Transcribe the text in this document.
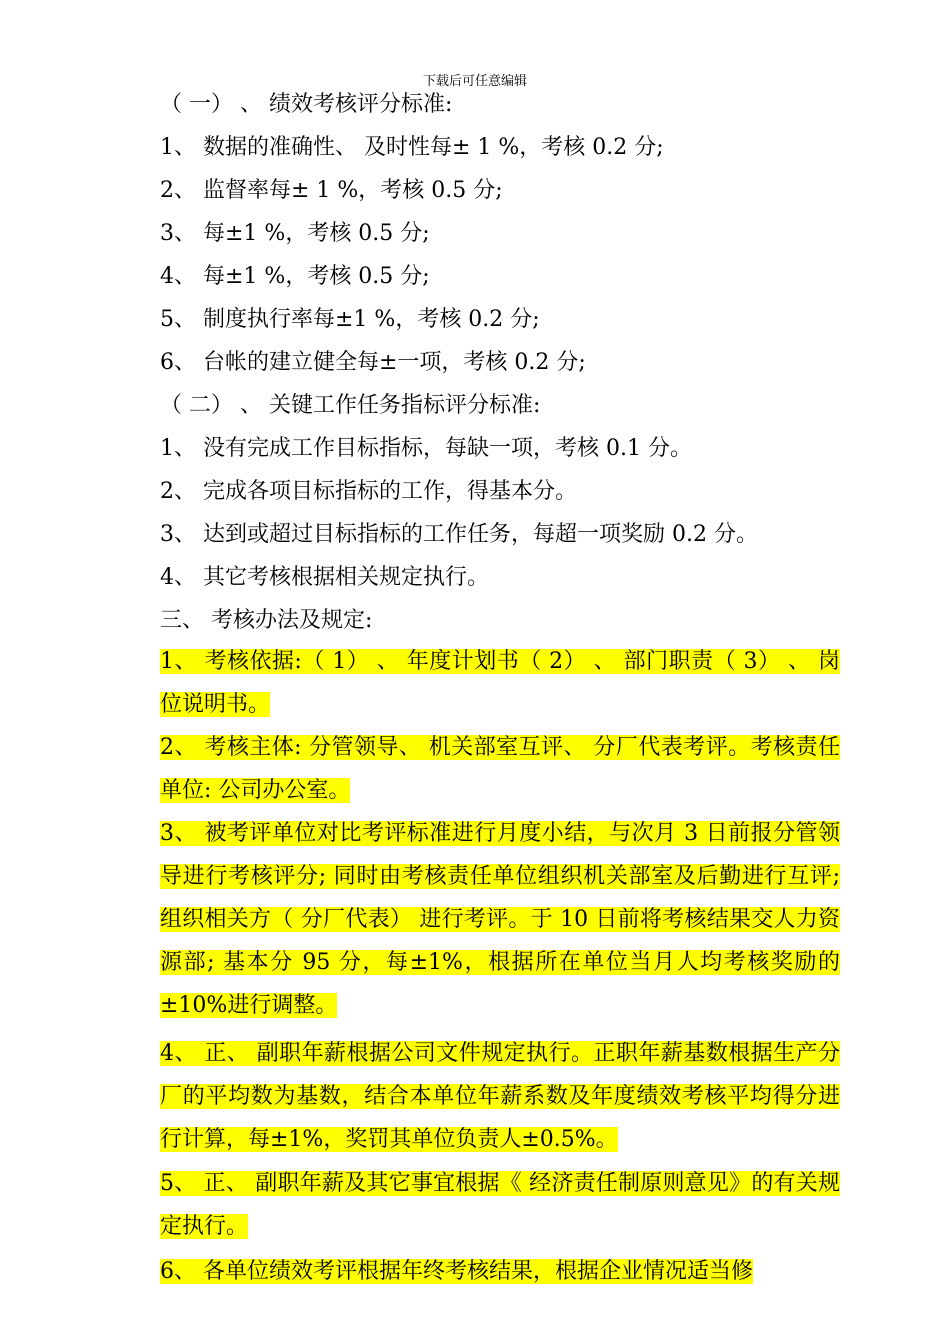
下载后可任意编辑
（ 一） 、 绩效考核评分标准:
1、 数据的准确性、 及时性每± 1 %，考核 0.2 分;
2、 监督率每± 1 %，考核 0.5 分;
3、 每±1 %，考核 0.5 分;
4、 每±1 %，考核 0.5 分;
5、 制度执行率每±1 %，考核 0.2 分;
6、 台帐的建立健全每±一项，考核 0.2 分;
（ 二） 、 关键工作任务指标评分标准:
1、 没有完成工作目标指标，每缺一项，考核 0.1 分。
2、 完成各项目标指标的工作，得基本分。
3、 达到或超过目标指标的工作任务，每超一项奖励 0.2 分。
4、 其它考核根据相关规定执行。
三、 考核办法及规定:
1、 考核依据:（ 1） 、 年度计划书（ 2） 、 部门职责（ 3） 、 岗位说明书。
2、 考核主体: 分管领导、 机关部室互评、 分厂代表考评。考核责任单位: 公司办公室。
3、 被考评单位对比考评标准进行月度小结，与次月 3 日前报分管领导进行考核评分; 同时由考核责任单位组织机关部室及后勤进行互评; 组织相关方（ 分厂代表） 进行考评。于 10 日前将考核结果交人力资源部; 基本分 95 分，每±1%，根据所在单位当月人均考核奖励的±10%进行调整。
4、 正、 副职年薪根据公司文件规定执行。正职年薪基数根据生产分厂的平均数为基数，结合本单位年薪系数及年度绩效考核平均得分进行计算，每±1%，奖罚其单位负责人±0.5%。
5、 正、 副职年薪及其它事宜根据《 经济责任制原则意见》的有关规定执行。
6、 各单位绩效考评根据年终考核结果，根据企业情况适当修
